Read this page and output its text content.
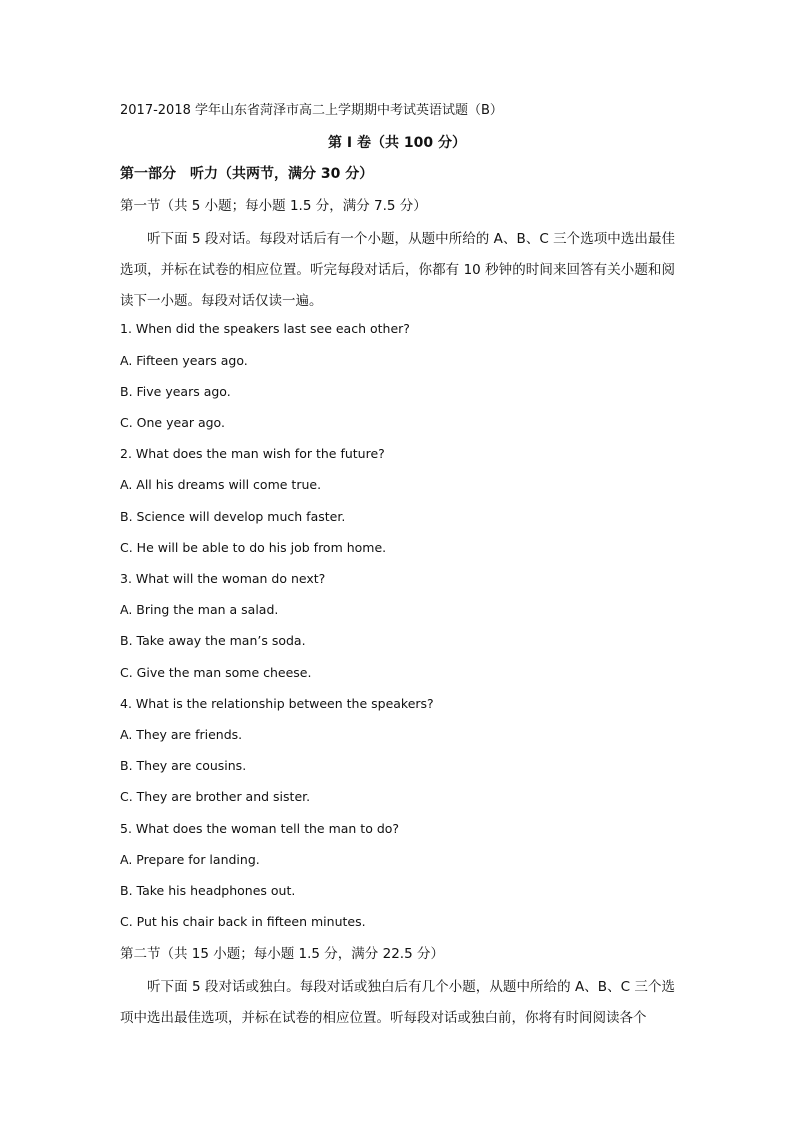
2017-2018 学年山东省菏泽市高二上学期期中考试英语试题（B）
第 I 卷（共 100 分）
第一部分　听力（共两节，满分 30 分）
第一节（共 5 小题；每小题 1.5 分，满分 7.5 分）
听下面 5 段对话。每段对话后有一个小题，从题中所给的 A、B、C 三个选项中选出最佳选项，并标在试卷的相应位置。听完每段对话后，你都有 10 秒钟的时间来回答有关小题和阅读下一小题。每段对话仅读一遍。
1. When did the speakers last see each other?
A. Fifteen years ago.
B. Five years ago.
C. One year ago.
2. What does the man wish for the future?
A. All his dreams will come true.
B. Science will develop much faster.
C. He will be able to do his job from home.
3. What will the woman do next?
A. Bring the man a salad.
B. Take away the man’s soda.
C. Give the man some cheese.
4. What is the relationship between the speakers?
A. They are friends.
B. They are cousins.
C. They are brother and sister.
5. What does the woman tell the man to do?
A. Prepare for landing.
B. Take his headphones out.
C. Put his chair back in fifteen minutes.
第二节（共 15 小题；每小题 1.5 分，满分 22.5 分）
听下面 5 段对话或独白。每段对话或独白后有几个小题，从题中所给的 A、B、C 三个选项中选出最佳选项，并标在试卷的相应位置。听每段对话或独白前，你将有时间阅读各个
